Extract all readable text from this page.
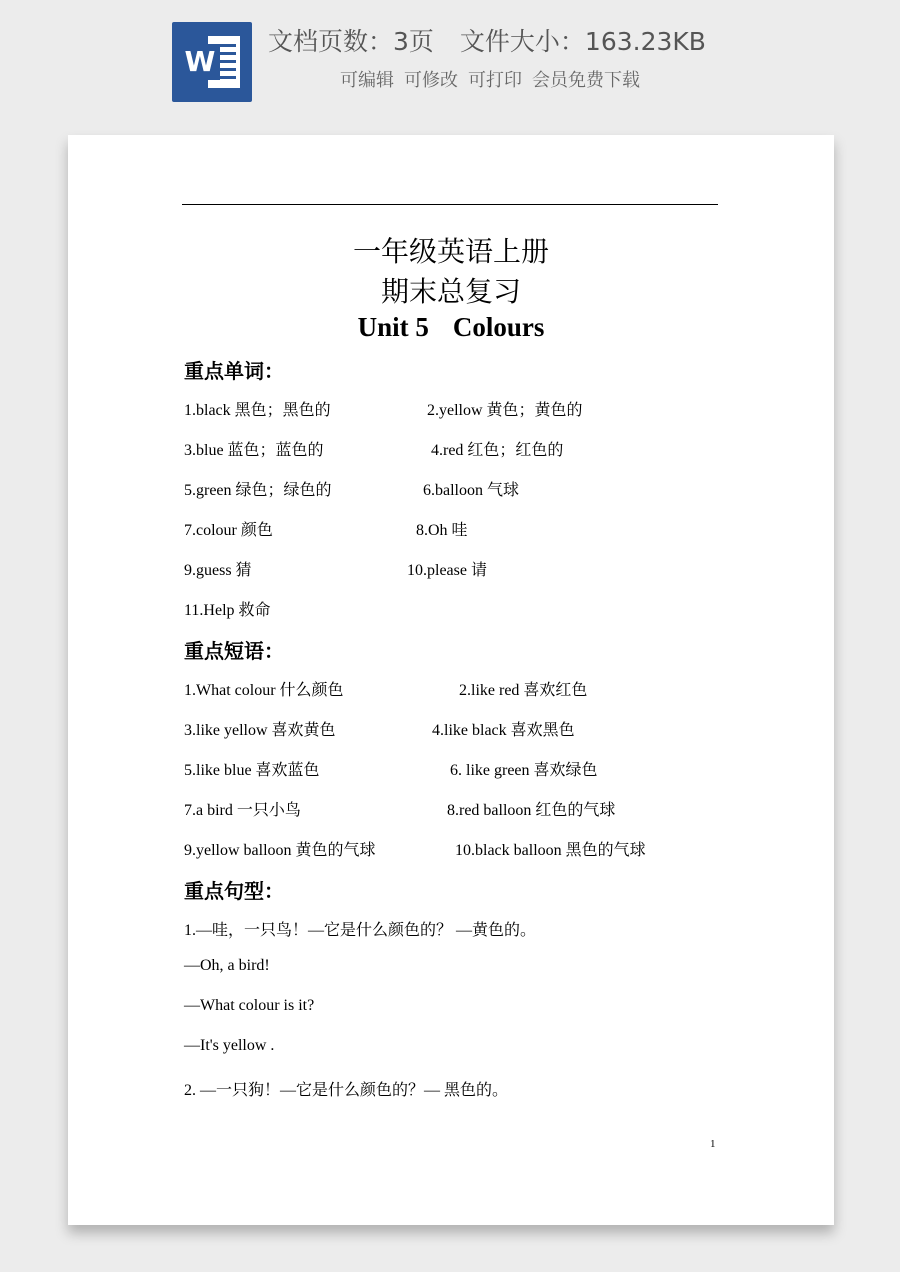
W
文档页数：3页 文件大小：163.23KB
可编辑 可修改 可打印 会员免费下载
一年级英语上册
期末总复习
Unit 5 Colours
重点单词：
1.black 黑色；黑色的	2.yellow 黄色；黄色的
3.blue 蓝色；蓝色的	4.red 红色；红色的
5.green 绿色；绿色的	6.balloon 气球
7.colour 颜色	8.Oh 哇
9.guess 猜	10.please 请
11.Help 救命
重点短语：
1.What colour 什么颜色	2.like red 喜欢红色
3.like yellow 喜欢黄色	4.like black 喜欢黑色
5.like blue 喜欢蓝色	6. like green 喜欢绿色
7.a bird 一只小鸟	8.red balloon 红色的气球
9.yellow balloon 黄色的气球	10.black balloon 黑色的气球
重点句型：
1.—哇，一只鸟！—它是什么颜色的？ —黄色的。
—Oh, a bird!
—What colour is it?
—It's yellow .
2. —一只狗！—它是什么颜色的？— 黑色的。
1
